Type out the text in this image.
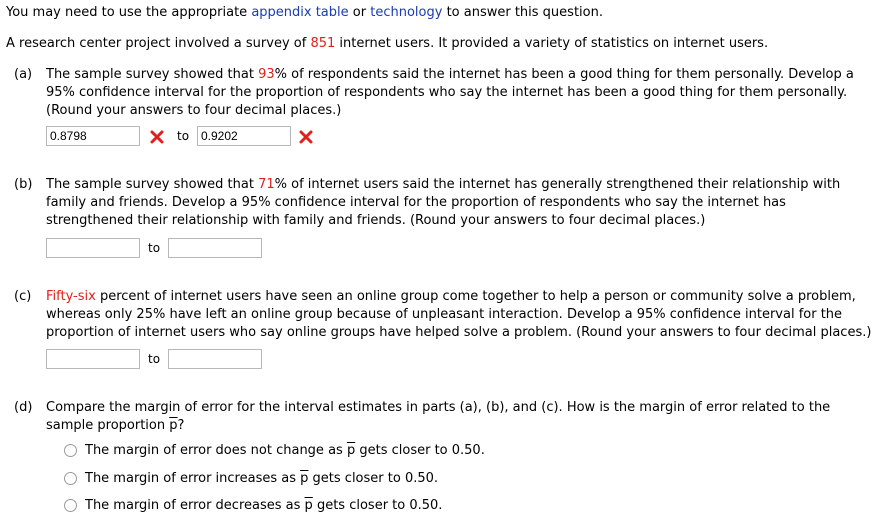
You may need to use the appropriate appendix table or technology to answer this question.
A research center project involved a survey of 851 internet users. It provided a variety of statistics on internet users.
(a) The sample survey showed that 93% of respondents said the internet has been a good thing for them personally. Develop a
95% confidence interval for the proportion of respondents who say the internet has been a good thing for them personally.
(Round your answers to four decimal places.)
0.8798	to 0.9202
(b) The sample survey showed that 71% of internet users said the internet has generally strengthened their relationship with
family and friends. Develop a 95% confidence interval for the proportion of respondents who say the internet has
strengthened their relationship with family and friends. (Round your answers to four decimal places.)
to
(c) Fifty-six percent of internet users have seen an online group come together to help a person or community solve a problem,
whereas only 25% have left an online group because of unpleasant interaction. Develop a 95% confidence interval for the
proportion of internet users who say online groups have helped solve a problem. (Round your answers to four decimal places.)
to
(d) Compare the margin of error for the interval estimates in parts (a), (b), and (c). How is the margin of error related to the
sample proportion $\overline{p}$?
The margin of error does not change as $\overline{p}$ gets closer to 0.50.
The margin of error increases as $\overline{p}$ gets closer to 0.50.
The margin of error decreases as $\overline{p}$ gets closer to 0.50.
